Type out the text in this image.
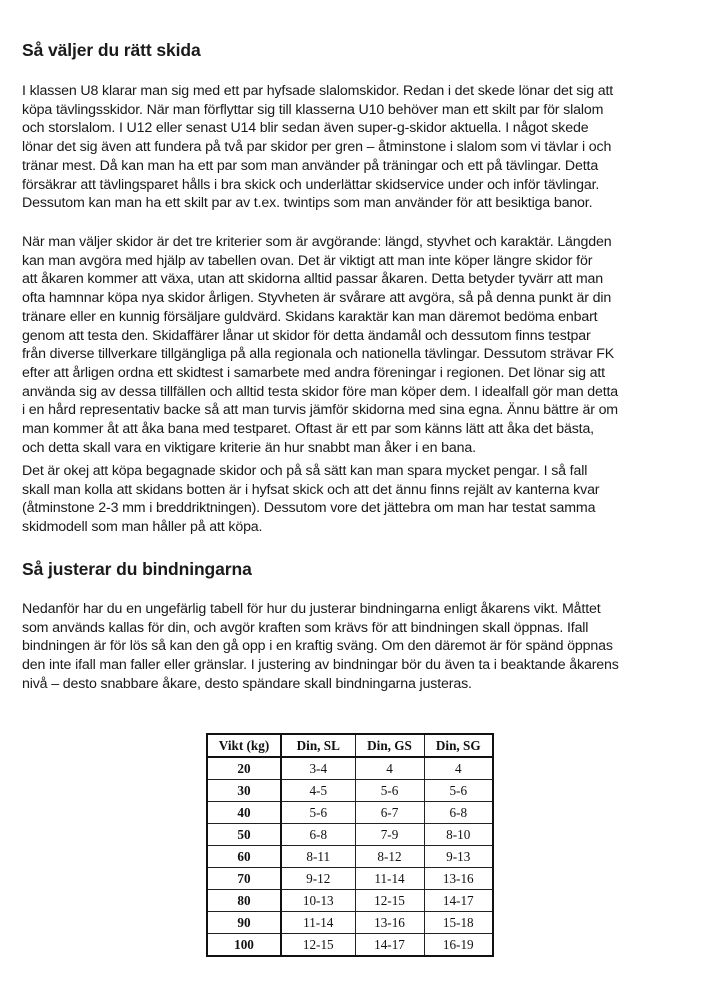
Så väljer du rätt skida

I klassen U8 klarar man sig med ett par hyfsade slalomskidor. Redan i det skede lönar det sig att
köpa tävlingsskidor. När man förflyttar sig till klasserna U10 behöver man ett skilt par för slalom
och storslalom. I U12 eller senast U14 blir sedan även super-g-skidor aktuella. I något skede
lönar det sig även att fundera på två par skidor per gren – åtminstone i slalom som vi tävlar i och
tränar mest. Då kan man ha ett par som man använder på träningar och ett på tävlingar. Detta
försäkrar att tävlingsparet hålls i bra skick och underlättar skidservice under och inför tävlingar.
Dessutom kan man ha ett skilt par av t.ex. twintips som man använder för att besiktiga banor.

När man väljer skidor är det tre kriterier som är avgörande: längd, styvhet och karaktär. Längden
kan man avgöra med hjälp av tabellen ovan. Det är viktigt att man inte köper längre skidor för
att åkaren kommer att växa, utan att skidorna alltid passar åkaren. Detta betyder tyvärr att man
ofta hamnnar köpa nya skidor årligen. Styvheten är svårare att avgöra, så på denna punkt är din
tränare eller en kunnig försäljare guldvärd. Skidans karaktär kan man däremot bedöma enbart
genom att testa den. Skidaffärer lånar ut skidor för detta ändamål och dessutom finns testpar
från diverse tillverkare tillgängliga på alla regionala och nationella tävlingar. Dessutom strävar FK
efter att årligen ordna ett skidtest i samarbete med andra föreningar i regionen. Det lönar sig att
använda sig av dessa tillfällen och alltid testa skidor före man köper dem. I idealfall gör man detta
i en hård representativ backe så att man turvis jämför skidorna med sina egna. Ännu bättre är om
man kommer åt att åka bana med testparet. Oftast är ett par som känns lätt att åka det bästa,
och detta skall vara en viktigare kriterie än hur snabbt man åker i en bana.

Det är okej att köpa begagnade skidor och på så sätt kan man spara mycket pengar. I så fall
skall man kolla att skidans botten är i hyfsat skick och att det ännu finns rejält av kanterna kvar
(åtminstone 2-3 mm i breddriktningen). Dessutom vore det jättebra om man har testat samma
skidmodell som man håller på att köpa.

Så justerar du bindningarna

Nedanför har du en ungefärlig tabell för hur du justerar bindningarna enligt åkarens vikt. Måttet
som används kallas för din, och avgör kraften som krävs för att bindningen skall öppnas. Ifall
bindningen är för lös så kan den gå opp i en kraftig sväng. Om den däremot är för spänd öppnas
den inte ifall man faller eller gränslar. I justering av bindningar bör du även ta i beaktande åkarens
nivå – desto snabbare åkare, desto spändare skall bindningarna justeras.

Vikt (kg)	Din, SL	Din, GS	Din, SG
20	3-4	4	4
30	4-5	5-6	5-6
40	5-6	6-7	6-8
50	6-8	7-9	8-10
60	8-11	8-12	9-13
70	9-12	11-14	13-16
80	10-13	12-15	14-17
90	11-14	13-16	15-18
100	12-15	14-17	16-19
